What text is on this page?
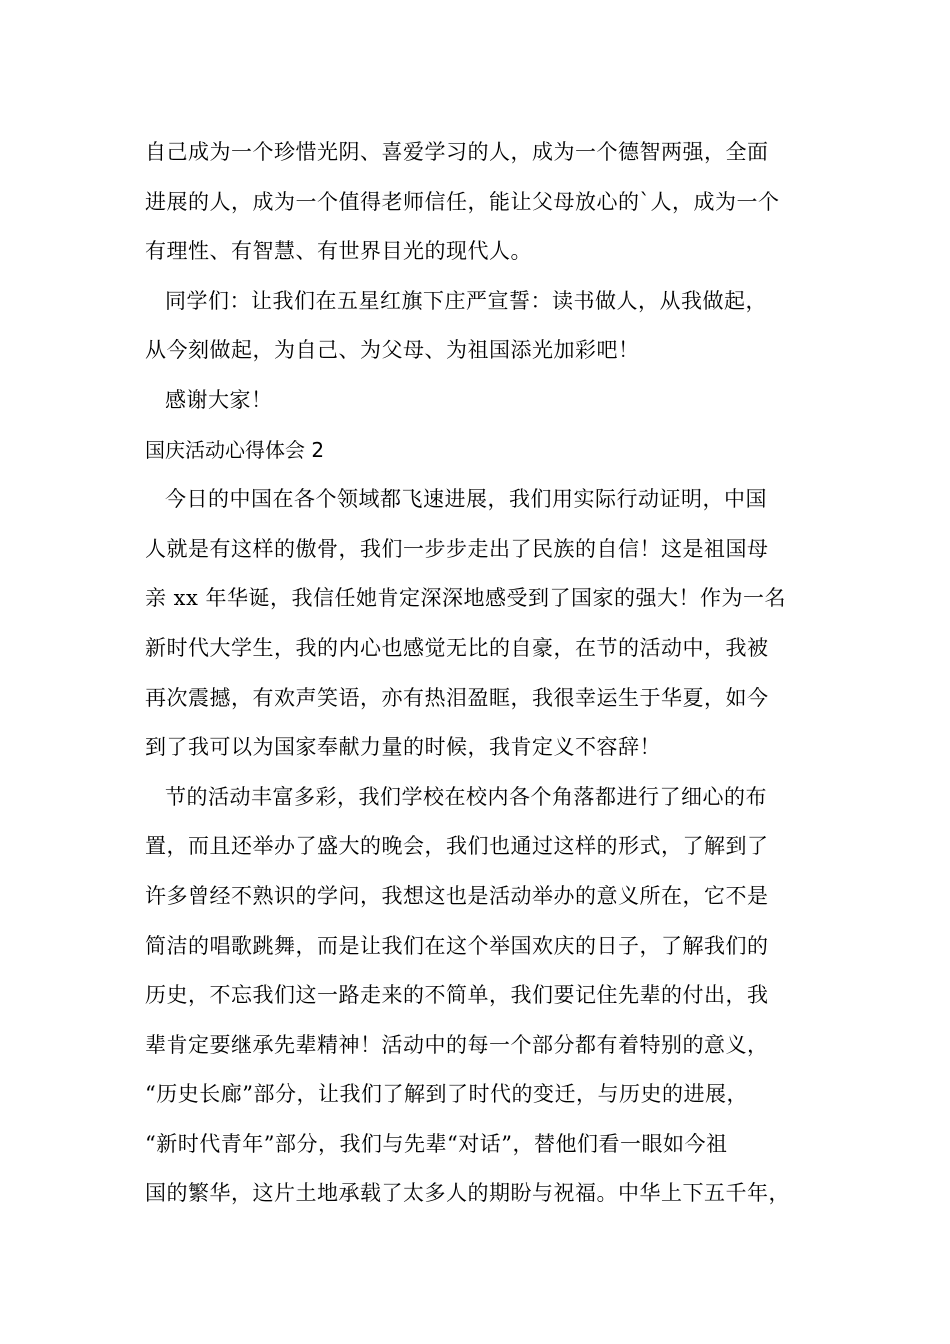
自己成为一个珍惜光阴、喜爱学习的人，成为一个德智两强，全面
进展的人，成为一个值得老师信任，能让父母放心的`人，成为一个
有理性、有智慧、有世界目光的现代人。
同学们：让我们在五星红旗下庄严宣誓：读书做人，从我做起，
从今刻做起，为自己、为父母、为祖国添光加彩吧！
感谢大家！
国庆活动心得体会 2
今日的中国在各个领域都飞速进展，我们用实际行动证明，中国
人就是有这样的傲骨，我们一步步走出了民族的自信！这是祖国母
亲 xx 年华诞，我信任她肯定深深地感受到了国家的强大！作为一名
新时代大学生，我的内心也感觉无比的自豪，在节的活动中，我被
再次震撼，有欢声笑语，亦有热泪盈眶，我很幸运生于华夏，如今
到了我可以为国家奉献力量的时候，我肯定义不容辞！
节的活动丰富多彩，我们学校在校内各个角落都进行了细心的布
置，而且还举办了盛大的晚会，我们也通过这样的形式，了解到了
许多曾经不熟识的学问，我想这也是活动举办的意义所在，它不是
简洁的唱歌跳舞，而是让我们在这个举国欢庆的日子，了解我们的
历史，不忘我们这一路走来的不简单，我们要记住先辈的付出，我
辈肯定要继承先辈精神！活动中的每一个部分都有着特别的意义，
“历史长廊”部分，让我们了解到了时代的变迁，与历史的进展，
“新时代青年”部分，我们与先辈“对话”，替他们看一眼如今祖
国的繁华，这片土地承载了太多人的期盼与祝福。中华上下五千年，
